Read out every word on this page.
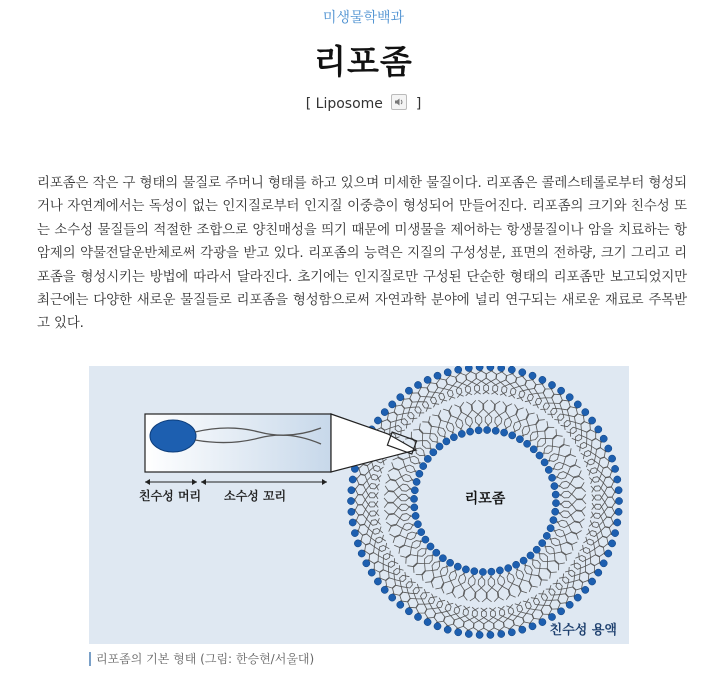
미생물학백과
리포좀
[ Liposome ]
리포좀은 작은 구 형태의 물질로 주머니 형태를 하고 있으며 미세한 물질이다. 리포좀은 콜레스테롤로부터 형성되거나 자연계에서는 독성이 없는 인지질로부터 인지질 이중층이 형성되어 만들어진다. 리포좀의 크기와 친수성 또는 소수성 물질들의 적절한 조합으로 양친매성을 띄기 때문에 미생물을 제어하는 항생물질이나 암을 치료하는 항암제의 약물전달운반체로써 각광을 받고 있다. 리포좀의 능력은 지질의 구성성분, 표면의 전하량, 크기 그리고 리포좀을 형성시키는 방법에 따라서 달라진다. 초기에는 인지질로만 구성된 단순한 형태의 리포좀만 보고되었지만 최근에는 다양한 새로운 물질들로 리포좀을 형성함으로써 자연과학 분야에 널리 연구되는 새로운 재료로 주목받고 있다.
친수성 머리 소수성 꼬리	리포좀
친수성 용액
리포좀의 기본 형태 (그림: 한승현/서울대)
